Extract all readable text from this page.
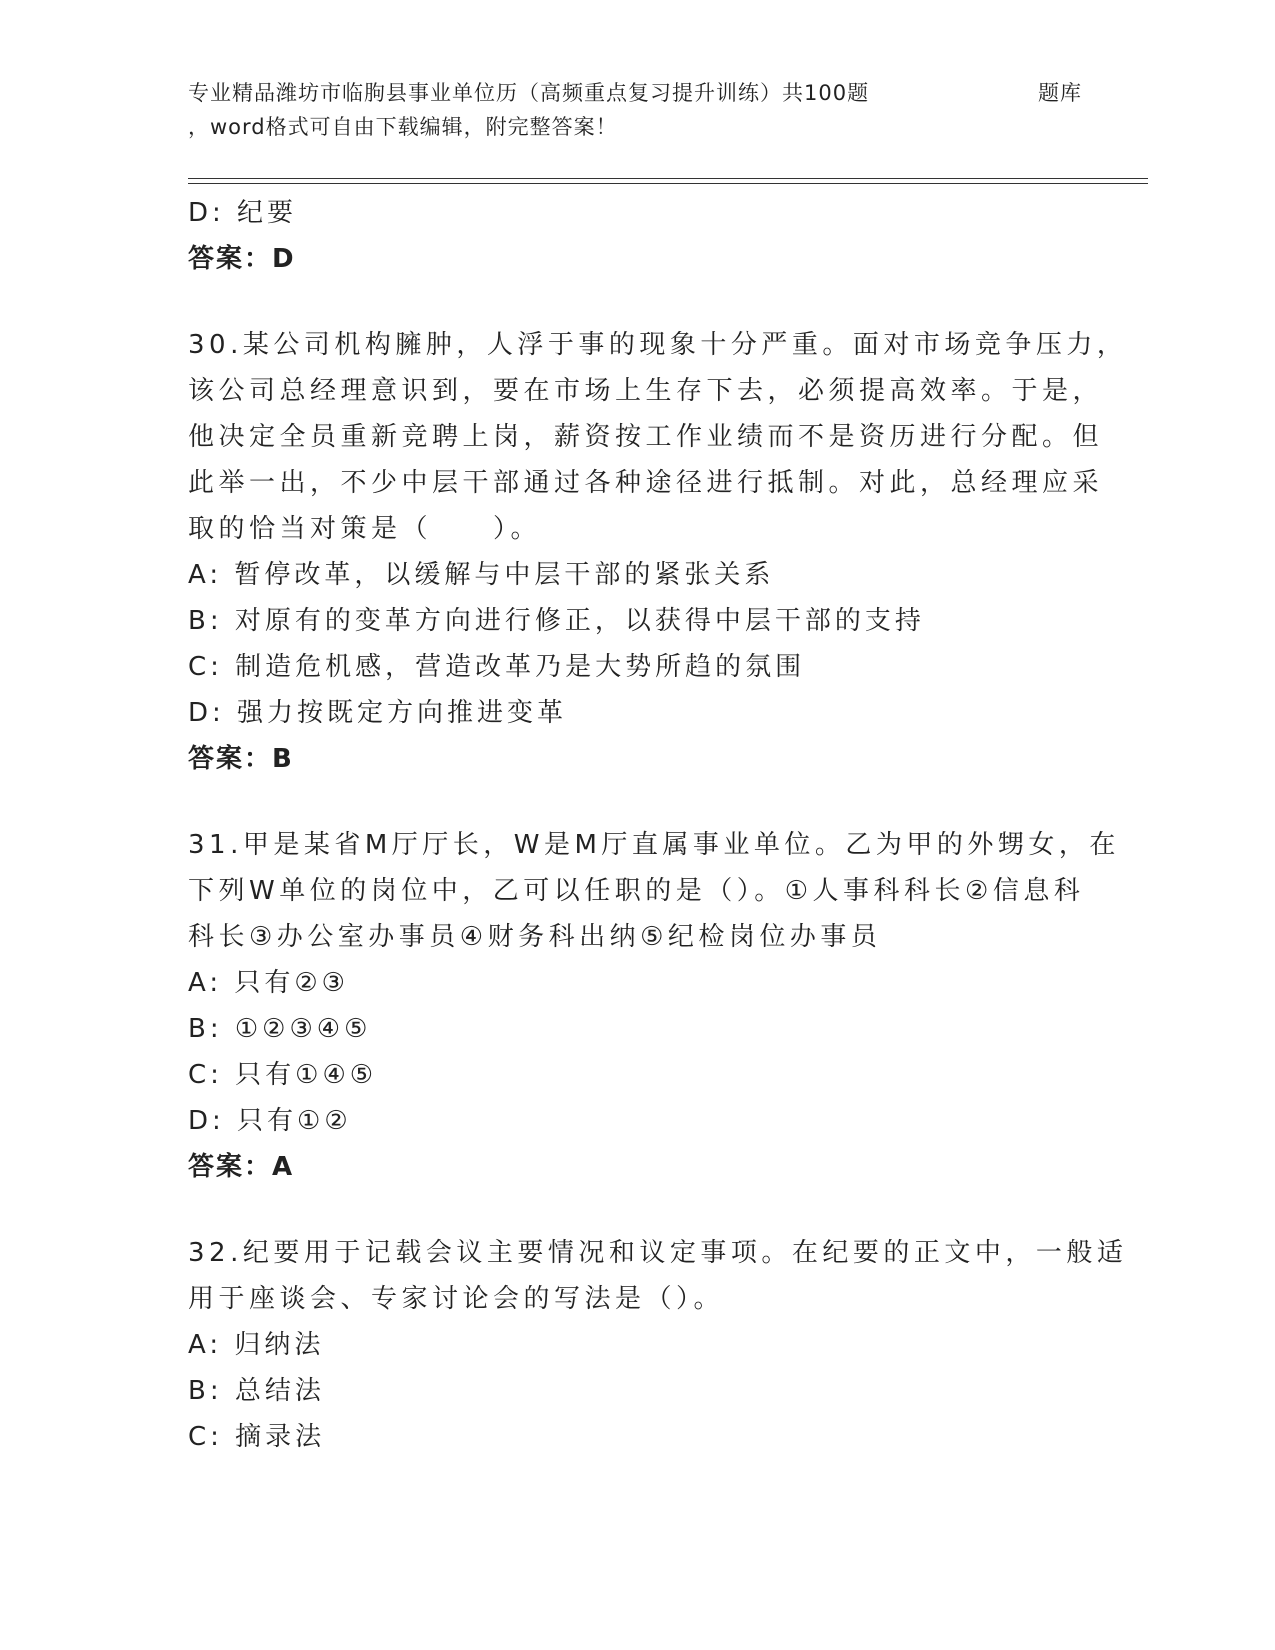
专业精品潍坊市临朐县事业单位历（高频重点复习提升训练）共100题	题库
，word格式可自由下载编辑，附完整答案！
D: 纪要
答案：D
30.某公司机构臃肿，人浮于事的现象十分严重。面对市场竞争压力，
该公司总经理意识到，要在市场上生存下去，必须提高效率。于是，
他决定全员重新竞聘上岗，薪资按工作业绩而不是资历进行分配。但
此举一出，不少中层干部通过各种途径进行抵制。对此，总经理应采
取的恰当对策是（　　）。
A: 暂停改革，以缓解与中层干部的紧张关系
B: 对原有的变革方向进行修正，以获得中层干部的支持
C: 制造危机感，营造改革乃是大势所趋的氛围
D: 强力按既定方向推进变革
答案：B
31.甲是某省M厅厅长，W是M厅直属事业单位。乙为甲的外甥女，在
下列W单位的岗位中，乙可以任职的是（）。①人事科科长②信息科
科长③办公室办事员④财务科出纳⑤纪检岗位办事员
A: 只有②③
B: ①②③④⑤
C: 只有①④⑤
D: 只有①②
答案：A
32.纪要用于记载会议主要情况和议定事项。在纪要的正文中，一般适
用于座谈会、专家讨论会的写法是（）。
A: 归纳法
B: 总结法
C: 摘录法
